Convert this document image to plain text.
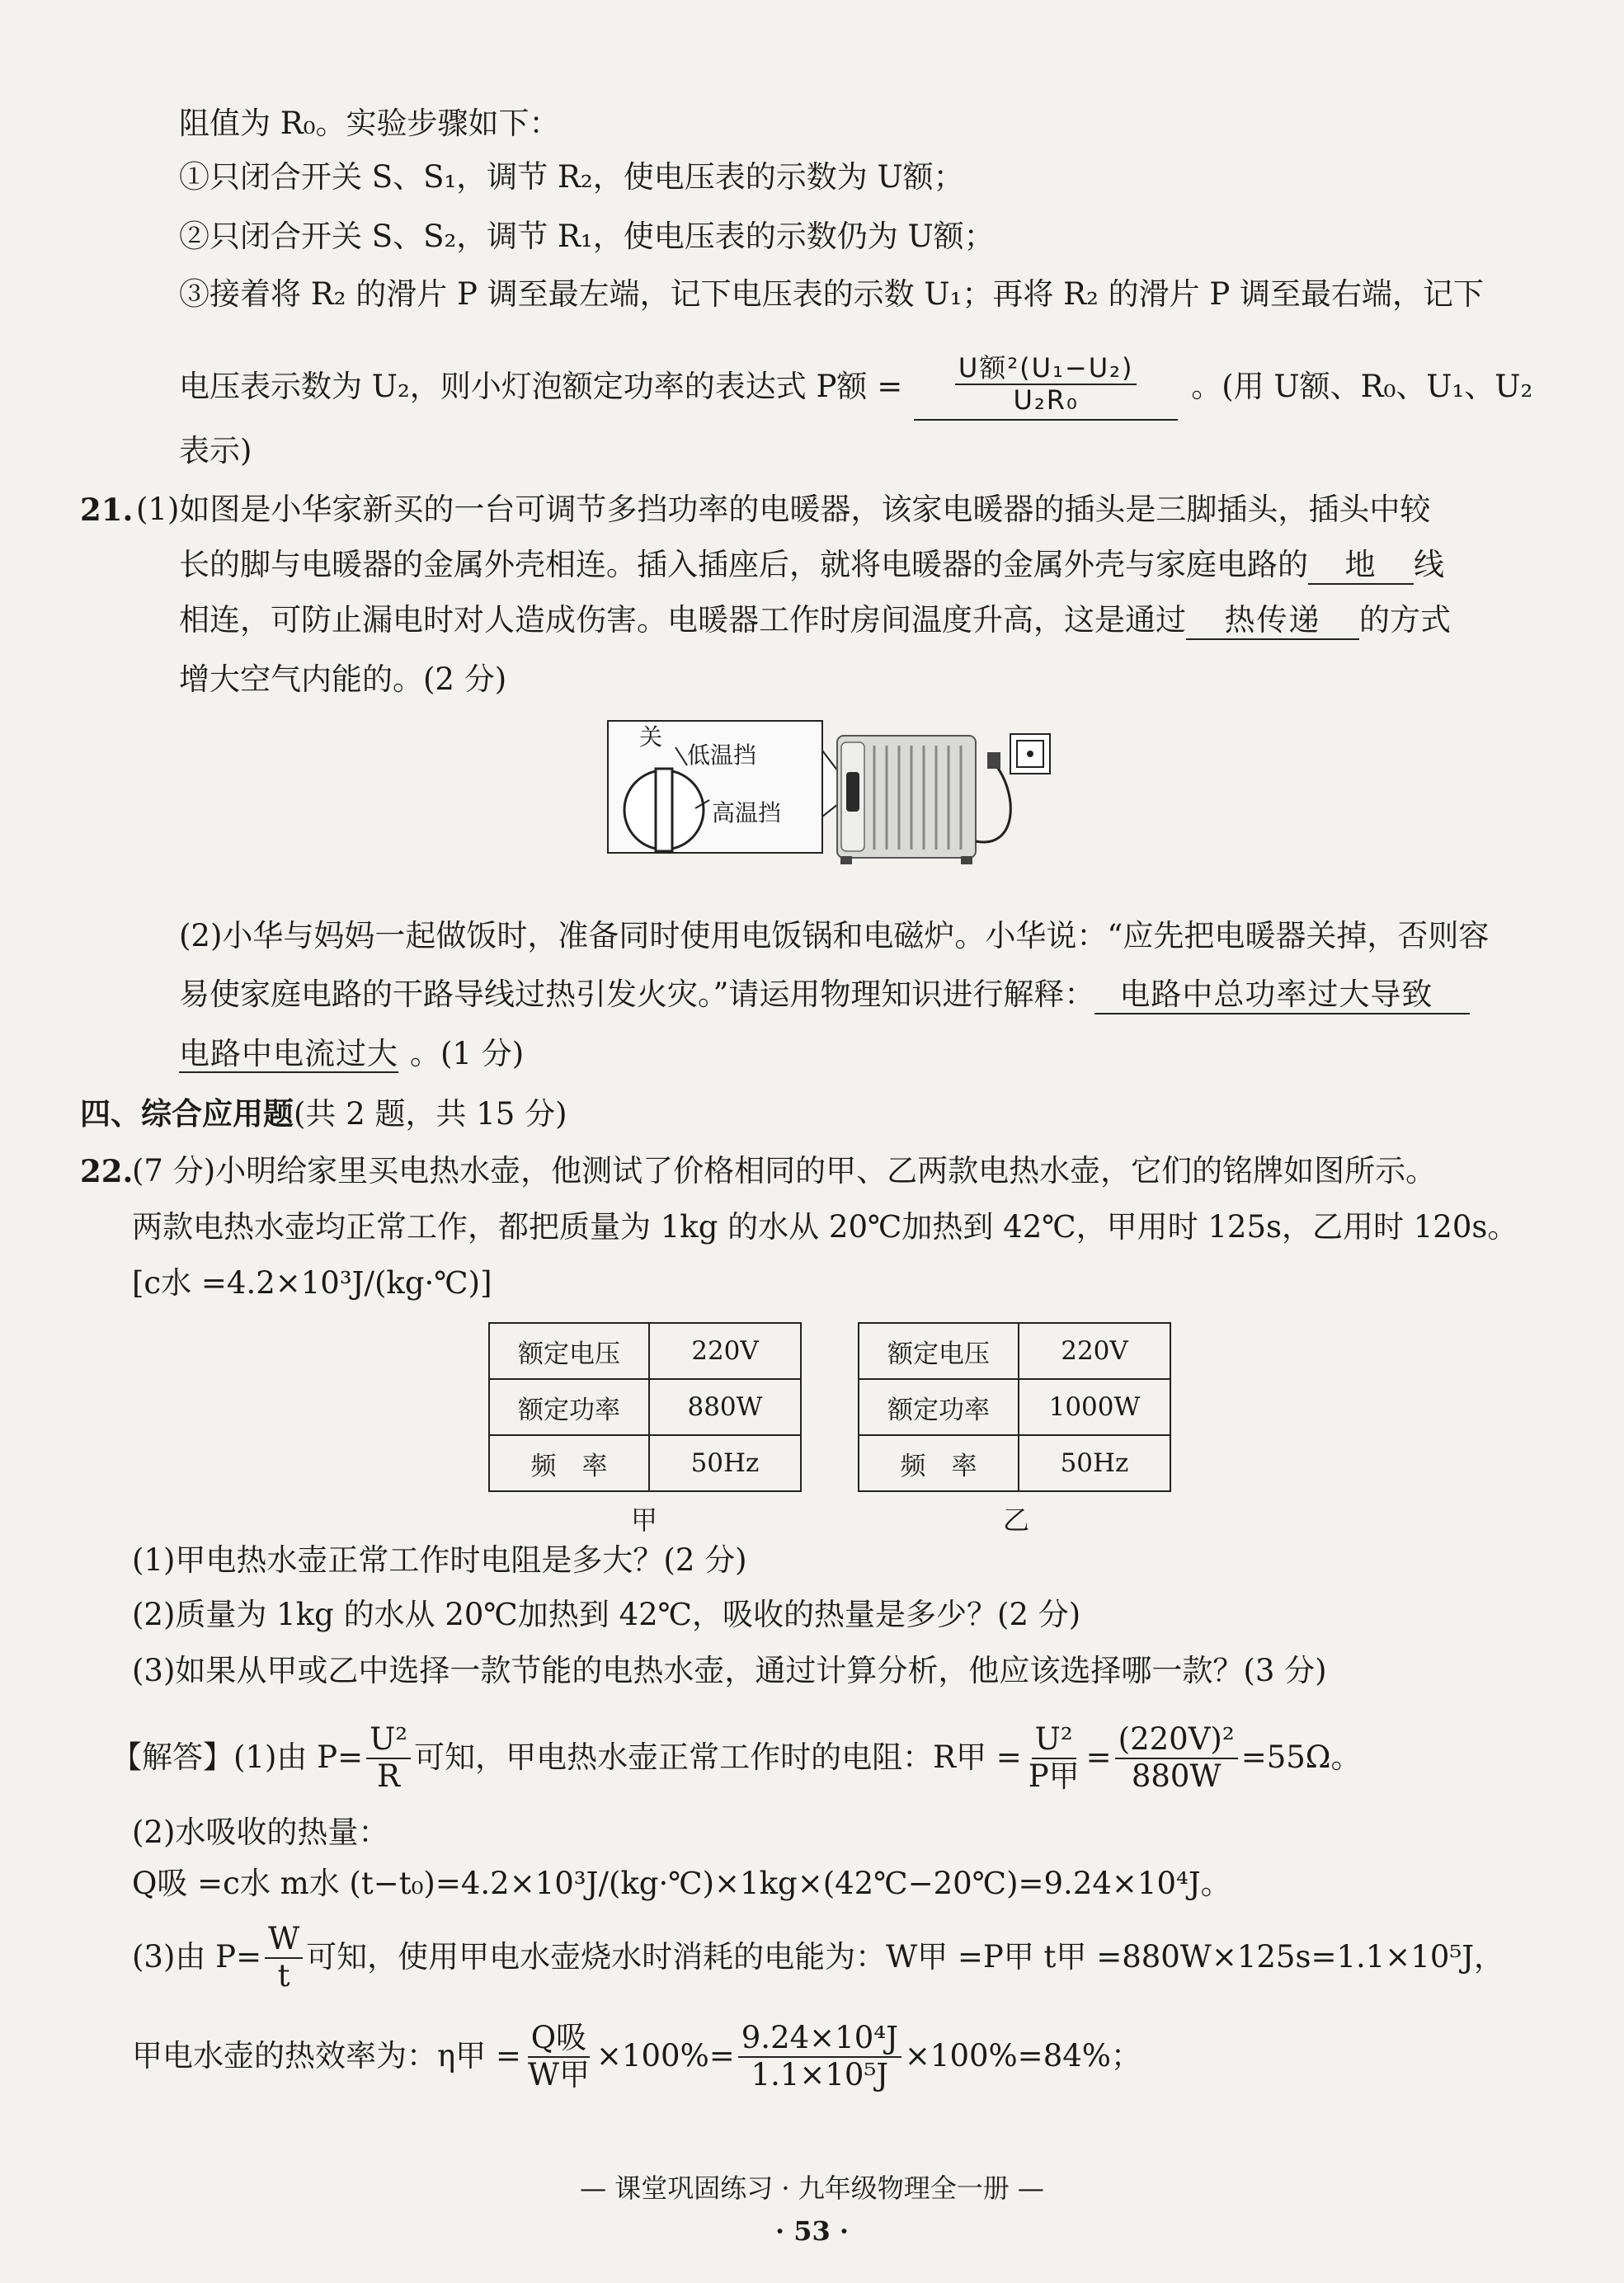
阻值为 R₀。实验步骤如下：
①只闭合开关 S、S₁，调节 R₂，使电压表的示数为 U额；
②只闭合开关 S、S₂，调节 R₁，使电压表的示数仍为 U额；
③接着将 R₂ 的滑片 P 调至最左端，记下电压表的示数 U₁；再将 R₂ 的滑片 P 调至最右端，记下
电压表示数为 U₂，则小灯泡额定功率的表达式 P额 = $\frac{\text{U额²(U₁−U₂)}}{\text{U₂R₀}}$ 。(用 U额、R₀、U₁、U₂
表示)
21. (1)如图是小华家新买的一台可调节多挡功率的电暖器，该家电暖器的插头是三脚插头，插头中较
长的脚与电暖器的金属外壳相连。插入插座后，就将电暖器的金属外壳与家庭电路的 地 线
相连，可防止漏电时对人造成伤害。电暖器工作时房间温度升高，这是通过 热传递 的方式
增大空气内能的。(2 分)
关
低温挡
高温挡
(2)小华与妈妈一起做饭时，准备同时使用电饭锅和电磁炉。小华说：“应先把电暖器关掉，否则容
易使家庭电路的干路导线过热引发火灾。”请运用物理知识进行解释： 电路中总功率过大导致
电路中电流过大 。(1 分)
四、综合应用题(共 2 题，共 15 分)
22.
(7 分)小明给家里买电热水壶，他测试了价格相同的甲、乙两款电热水壶，它们的铭牌如图所示。
两款电热水壶均正常工作，都把质量为 1kg 的水从 20℃加热到 42℃，甲用时 125s，乙用时 120s。
[c水 =4.2×10³J/(kg·℃)]
额定电压	220V
额定功率	880W
频　率	50Hz
额定电压	220V
额定功率	1000W
频　率	50Hz
甲	乙
(1)甲电热水壶正常工作时电阻是多大？(2 分)
(2)质量为 1kg 的水从 20℃加热到 42℃，吸收的热量是多少？(2 分)
(3)如果从甲或乙中选择一款节能的电热水壶，通过计算分析，他应该选择哪一款？(3 分)
【解答】(1)由 $P= \frac{\text{U²}}{R}$ 可知，甲电热水壶正常工作时的电阻：R甲 = $\frac{\text{U²}}{\text{P甲}} = \frac{\text{(220V)²}}{880W} =55\Omega$。
(2)水吸收的热量：
Q吸 =c水 m水 (t−t₀)=4.2×10³J/(kg·℃)×1kg×(42℃−20℃)=9.24×10⁴J。
(3)由 $P= \frac{W}{t}$ 可知，使用甲电水壶烧水时消耗的电能为：W甲 =P甲 t甲 =880W×125s=1.1×10⁵J，
甲电水壶的热效率为：η甲 = $\frac{\text{Q吸}}{\text{W甲}} \times 100\%= \frac{\text{9.24×10⁴J}}{\text{1.1×10⁵J}} \times 100\%=84\%$；
— 课堂巩固练习 · 九年级物理全一册 —
· 53 ·
